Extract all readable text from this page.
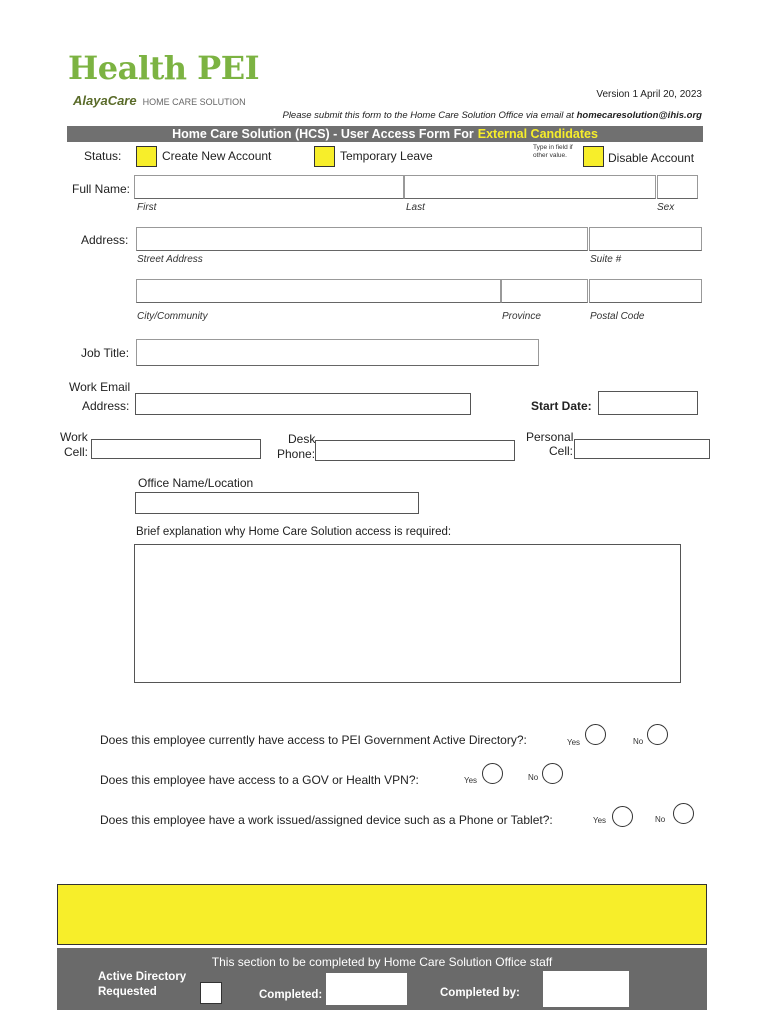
Health PEI
AlayaCare HOME CARE SOLUTION
Version 1 April 20, 2023
Please submit this form to the Home Care Solution Office via email at homecaresolution@ihis.org
Home Care Solution (HCS) - User Access Form For External Candidates
Status:	Create New Account	Temporary Leave
Type in field if other value.	Disable Account
Full Name:
First	Last	Sex
Address:
Street Address	Suite #
City/Community	Province	Postal Code
Job Title:
Work Email
Address:	Start Date:
Work
Cell:
Desk
Phone:
Personal
Cell:
Office Name/Location
Brief explanation why Home Care Solution access is required:
Does this employee currently have access to PEI Government Active Directory?:	Yes	No
Does this employee have access to a GOV or Health VPN?:	Yes	No
Does this employee have a work issued/assigned device such as a Phone or Tablet?:	Yes	No
This section to be completed by Home Care Solution Office staff
Active Directory
Requested	Completed:	Completed by:
